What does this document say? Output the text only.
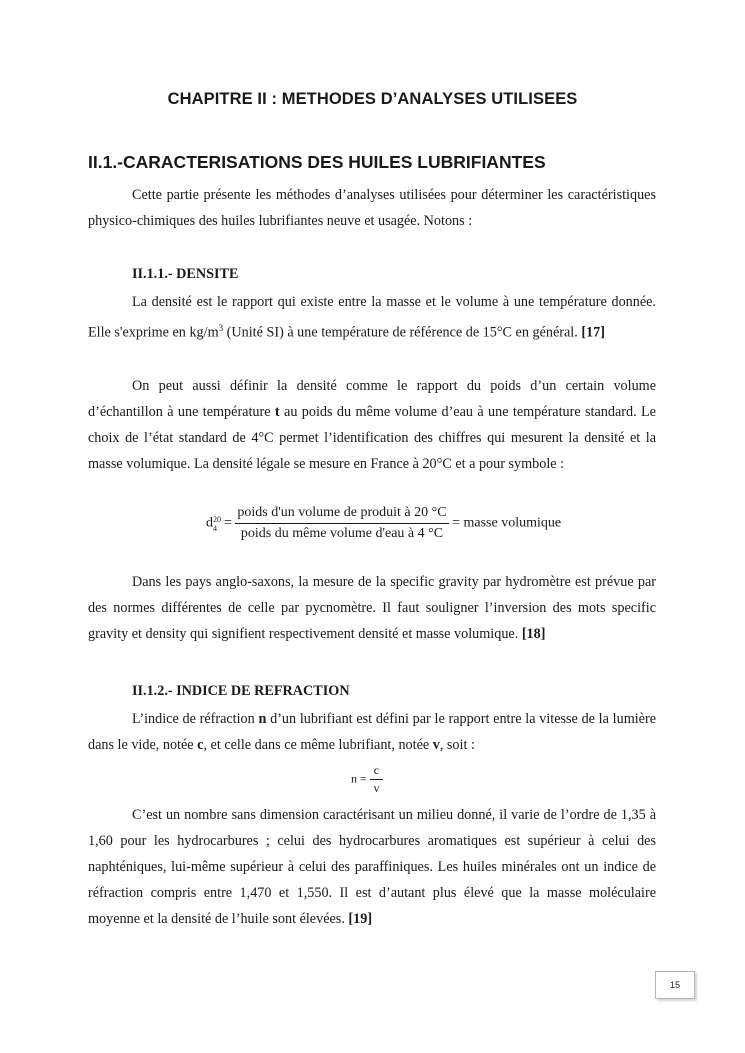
CHAPITRE II : METHODES D’ANALYSES UTILISEES
II.1.-CARACTERISATIONS DES HUILES LUBRIFIANTES

Cette partie présente les méthodes d’analyses utilisées pour déterminer les caractéristiques physico-chimiques des huiles lubrifiantes neuve et usagée. Notons :

II.1.1.- DENSITE

La densité est le rapport qui existe entre la masse et le volume à une température donnée. Elle s'exprime en $kg/m^3$ (Unité SI) à une température de référence de 15°C en général. [17]

On peut aussi définir la densité comme le rapport du poids d’un certain volume d’échantillon à une température t au poids du même volume d’eau à une température standard. Le choix de l’état standard de 4°C permet l’identification des chiffres qui mesurent la densité et la masse volumique. La densité légale se mesure en France à 20°C et a pour symbole :

d 20
$4 = \frac{\text{poids d'un volume de produit à 20 °C}}{\text{poids du même volume d'eau à 4 °C}}$ = masse volumique

Dans les pays anglo-saxons, la mesure de la specific gravity par hydromètre est prévue par des normes différentes de celle par pycnomètre. Il faut souligner l’inversion des mots specific gravity et density qui signifient respectivement densité et masse volumique. [18]

II.1.2.- INDICE DE REFRACTION

L’indice de réfraction n d’un lubrifiant est défini par le rapport entre la vitesse de la lumière dans le vide, notée c, et celle dans ce même lubrifiant, notée v, soit :

$n = \frac{c}{v}$

C’est un nombre sans dimension caractérisant un milieu donné, il varie de l’ordre de 1,35 à 1,60 pour les hydrocarbures ; celui des hydrocarbures aromatiques est supérieur à celui des naphténiques, lui-même supérieur à celui des paraffiniques. Les huiles minérales ont un indice de réfraction compris entre 1,470 et 1,550. Il est d’autant plus élevé que la masse moléculaire moyenne et la densité de l’huile sont élevées. [19]

15
